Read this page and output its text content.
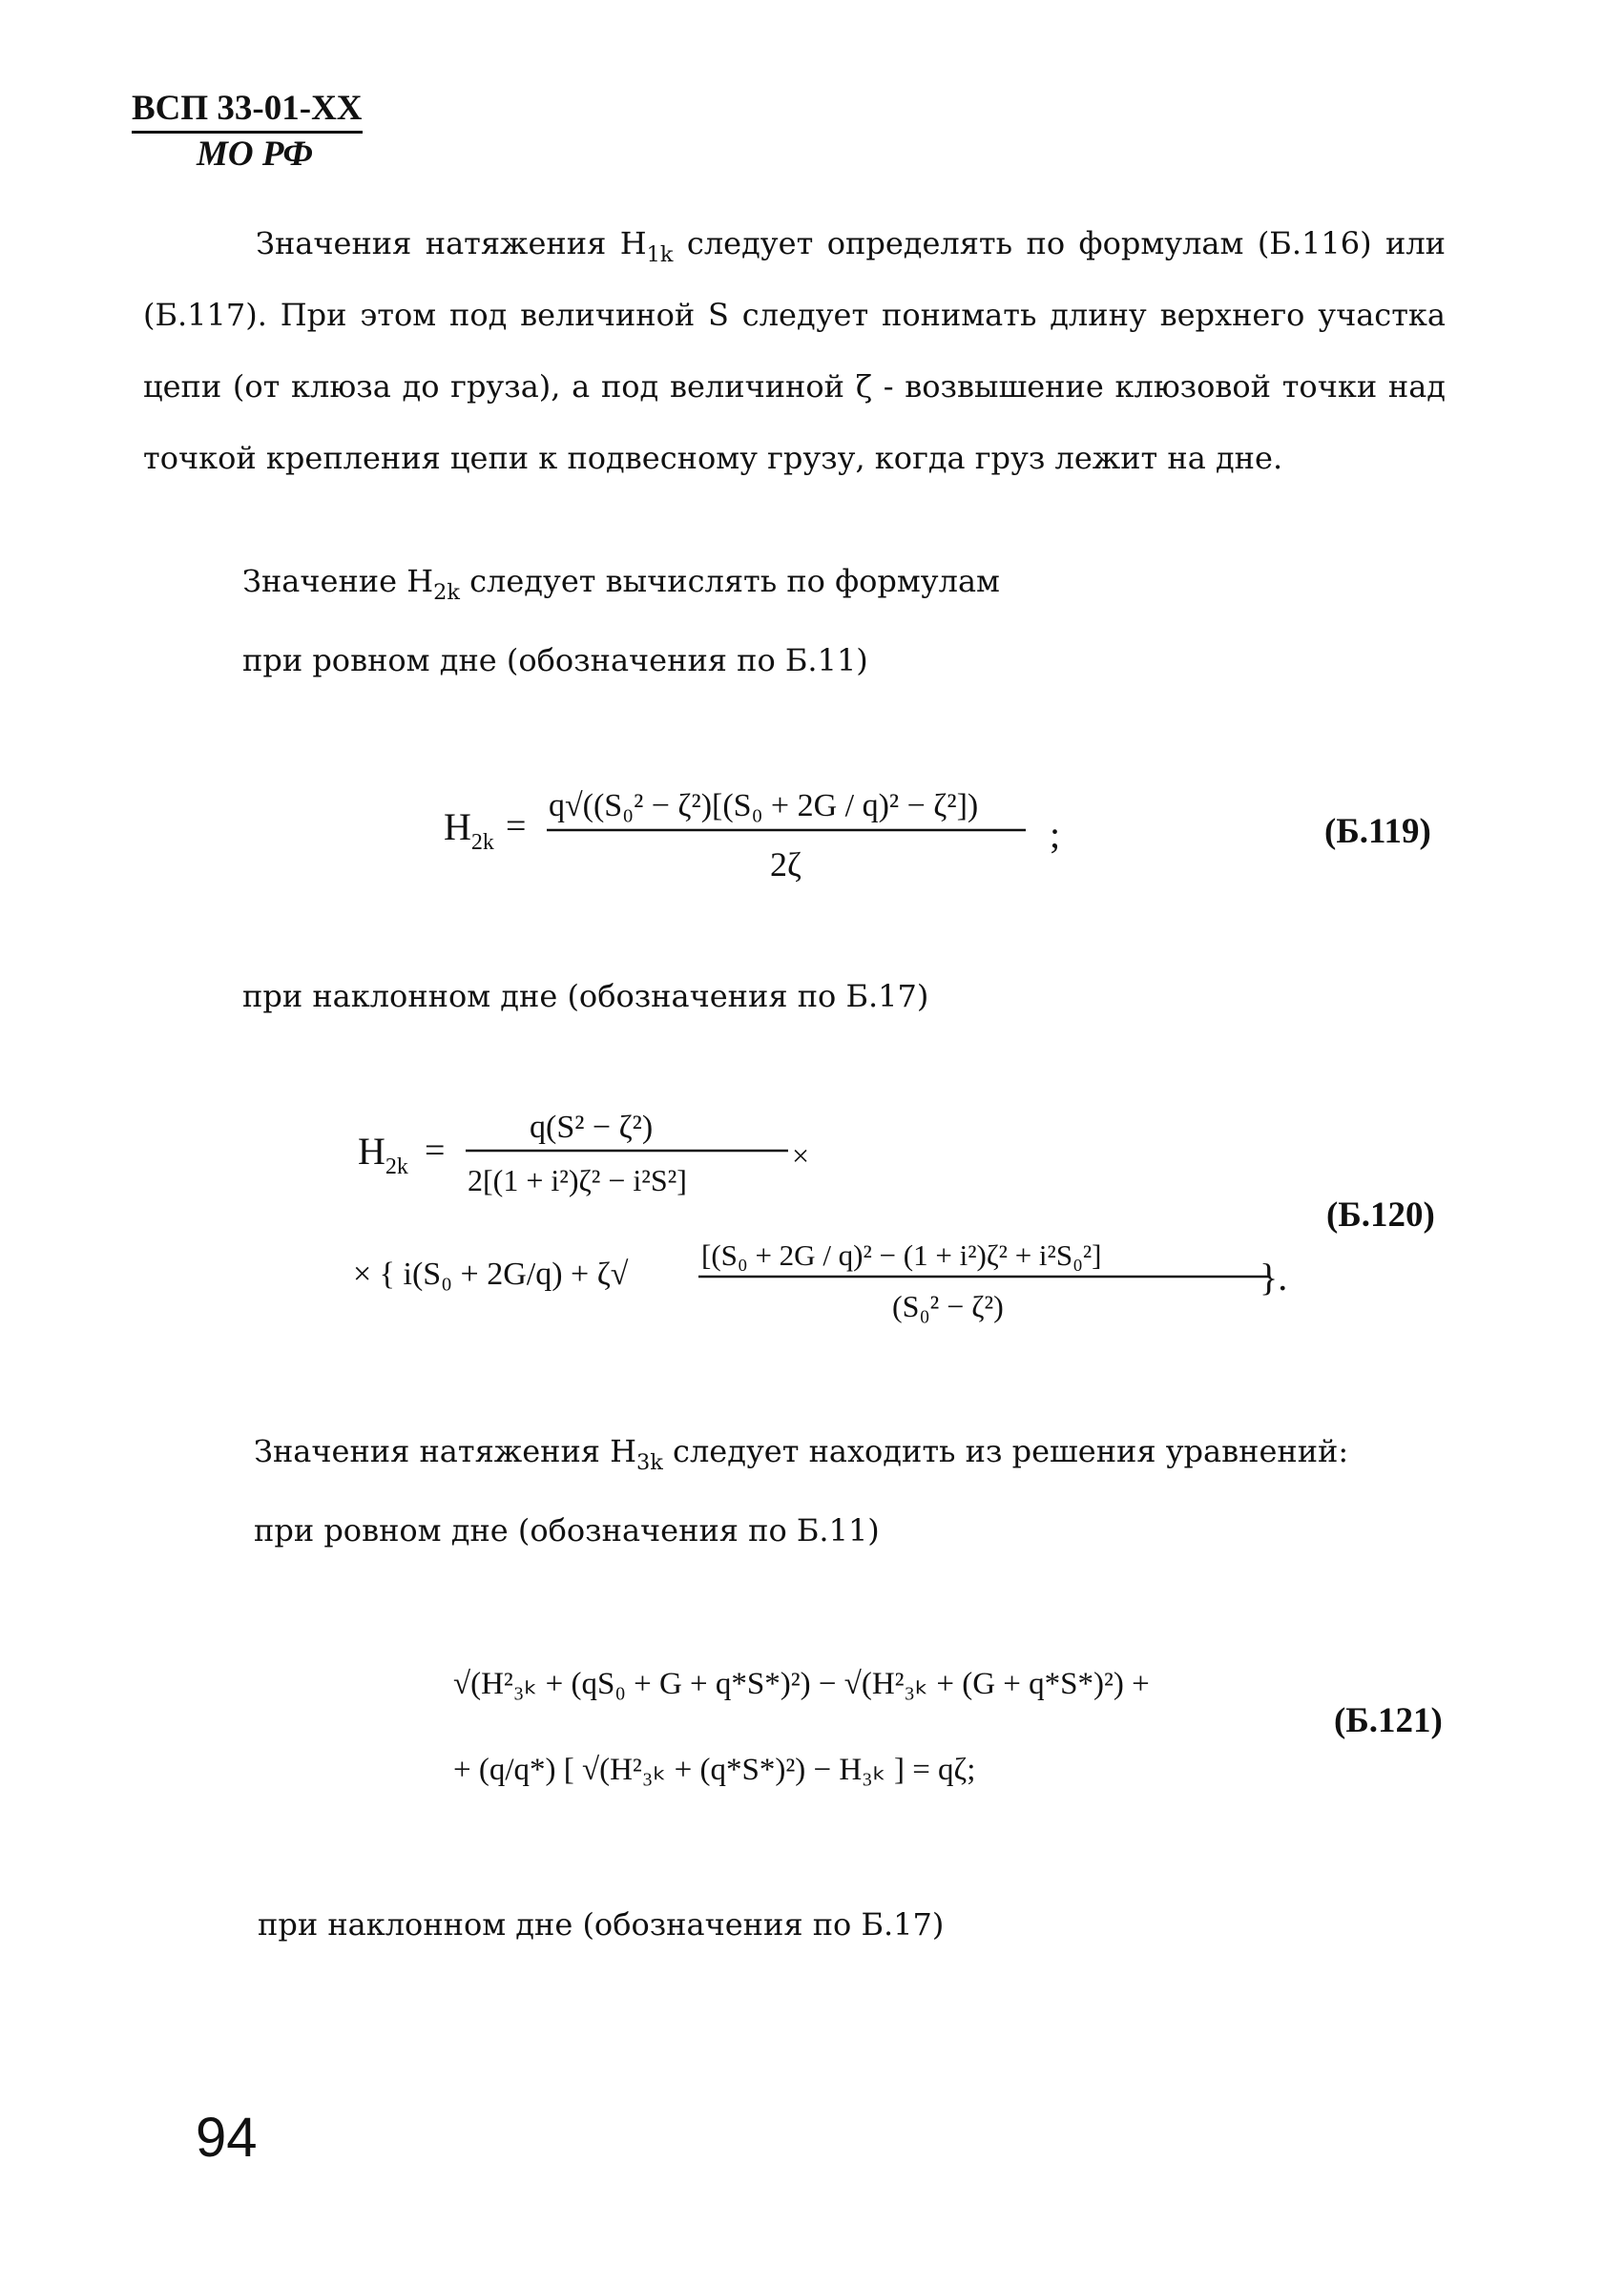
ВСП 33-01-ХХ
МО РФ

Значения натяжения $H_{1k}$ следует определять по формулам (Б.116) или (Б.117). При этом под величиной S следует понимать длину верхнего участка цепи (от клюза до груза), а под величиной ζ - возвышение клюзовой точки над точкой крепления цепи к подвесному грузу, когда груз лежит на дне.

Значение $H_{2k}$ следует вычислять по формулам
при ровном дне (обозначения по Б.11)
$H_{2k}$ =
q√((S₀² − ζ²)[(S₀ + 2G / q)² − ζ²])
2ζ
;	(Б.119)
при наклонном дне (обозначения по Б.17)
$H_{2k}$ =
q(S² − ζ²)
2[(1 + i²)ζ² − i²S²]
×
× { i(S₀ + 2G/q) + ζ√
[(S₀ + 2G / q)² − (1 + i²)ζ² + i²S₀²]
(S₀² − ζ²)
}.
(Б.120)
Значения натяжения $H_{3k}$ следует находить из решения уравнений:
при ровном дне (обозначения по Б.11)
√(H²₃ₖ + (qS₀ + G + q*S*)²) − √(H²₃ₖ + (G + q*S*)²) +
+ (q/q*) [ √(H²₃ₖ + (q*S*)²) − H₃ₖ ] = qζ;
(Б.121)
при наклонном дне (обозначения по Б.17)
94
